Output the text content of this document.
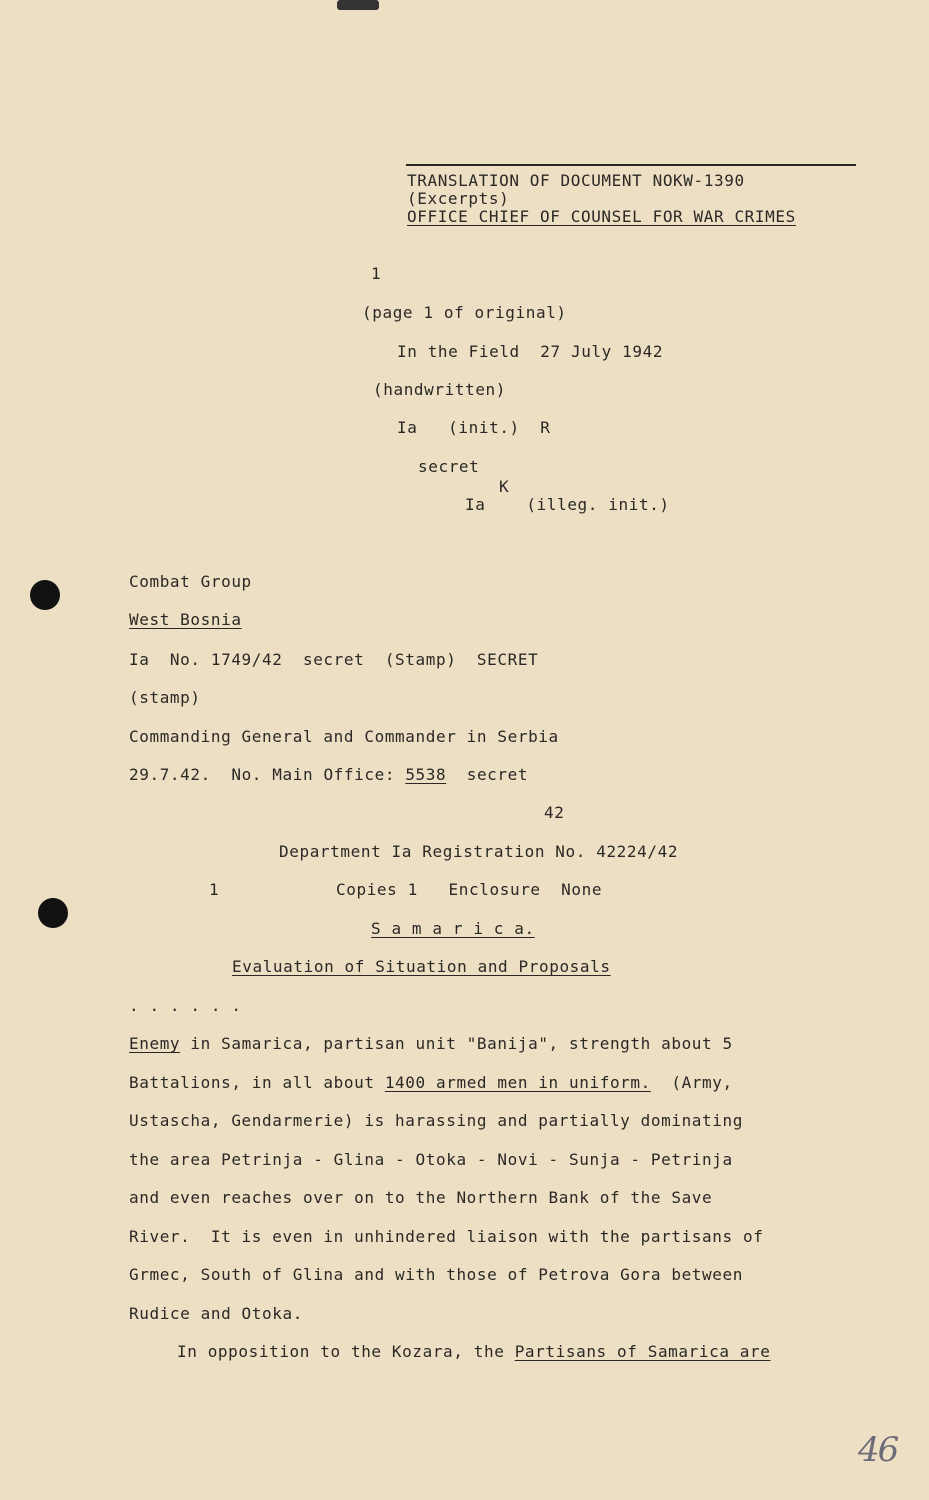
TRANSLATION OF DOCUMENT NOKW-1390
(Excerpts)
OFFICE CHIEF OF COUNSEL FOR WAR CRIMES
1
(page 1 of original)
In the Field  27 July 1942
(handwritten)
Ia   (init.)  R
secret
K
Ia    (illeg. init.)
Combat Group
West Bosnia
Ia  No. 1749/42  secret  (Stamp)  SECRET
(stamp)
Commanding General and Commander in Serbia
29.7.42. No. Main Office: 5538 secret
42
Department Ia Registration No. 42224/42
1	Copies 1   Enclosure  None
S a m a r i c a.
Evaluation of Situation and Proposals
. . . . . .
Enemy in Samarica, partisan unit "Banija", strength about 5
Battalions, in all about 1400 armed men in uniform.  (Army,
Ustascha, Gendarmerie) is harassing and partially dominating
the area Petrinja - Glina - Otoka - Novi - Sunja - Petrinja
and even reaches over on to the Northern Bank of the Save
River.  It is even in unhindered liaison with the partisans of
Grmec, South of Glina and with those of Petrova Gora between
Rudice and Otoka.
In opposition to the Kozara, the Partisans of Samarica are
46
